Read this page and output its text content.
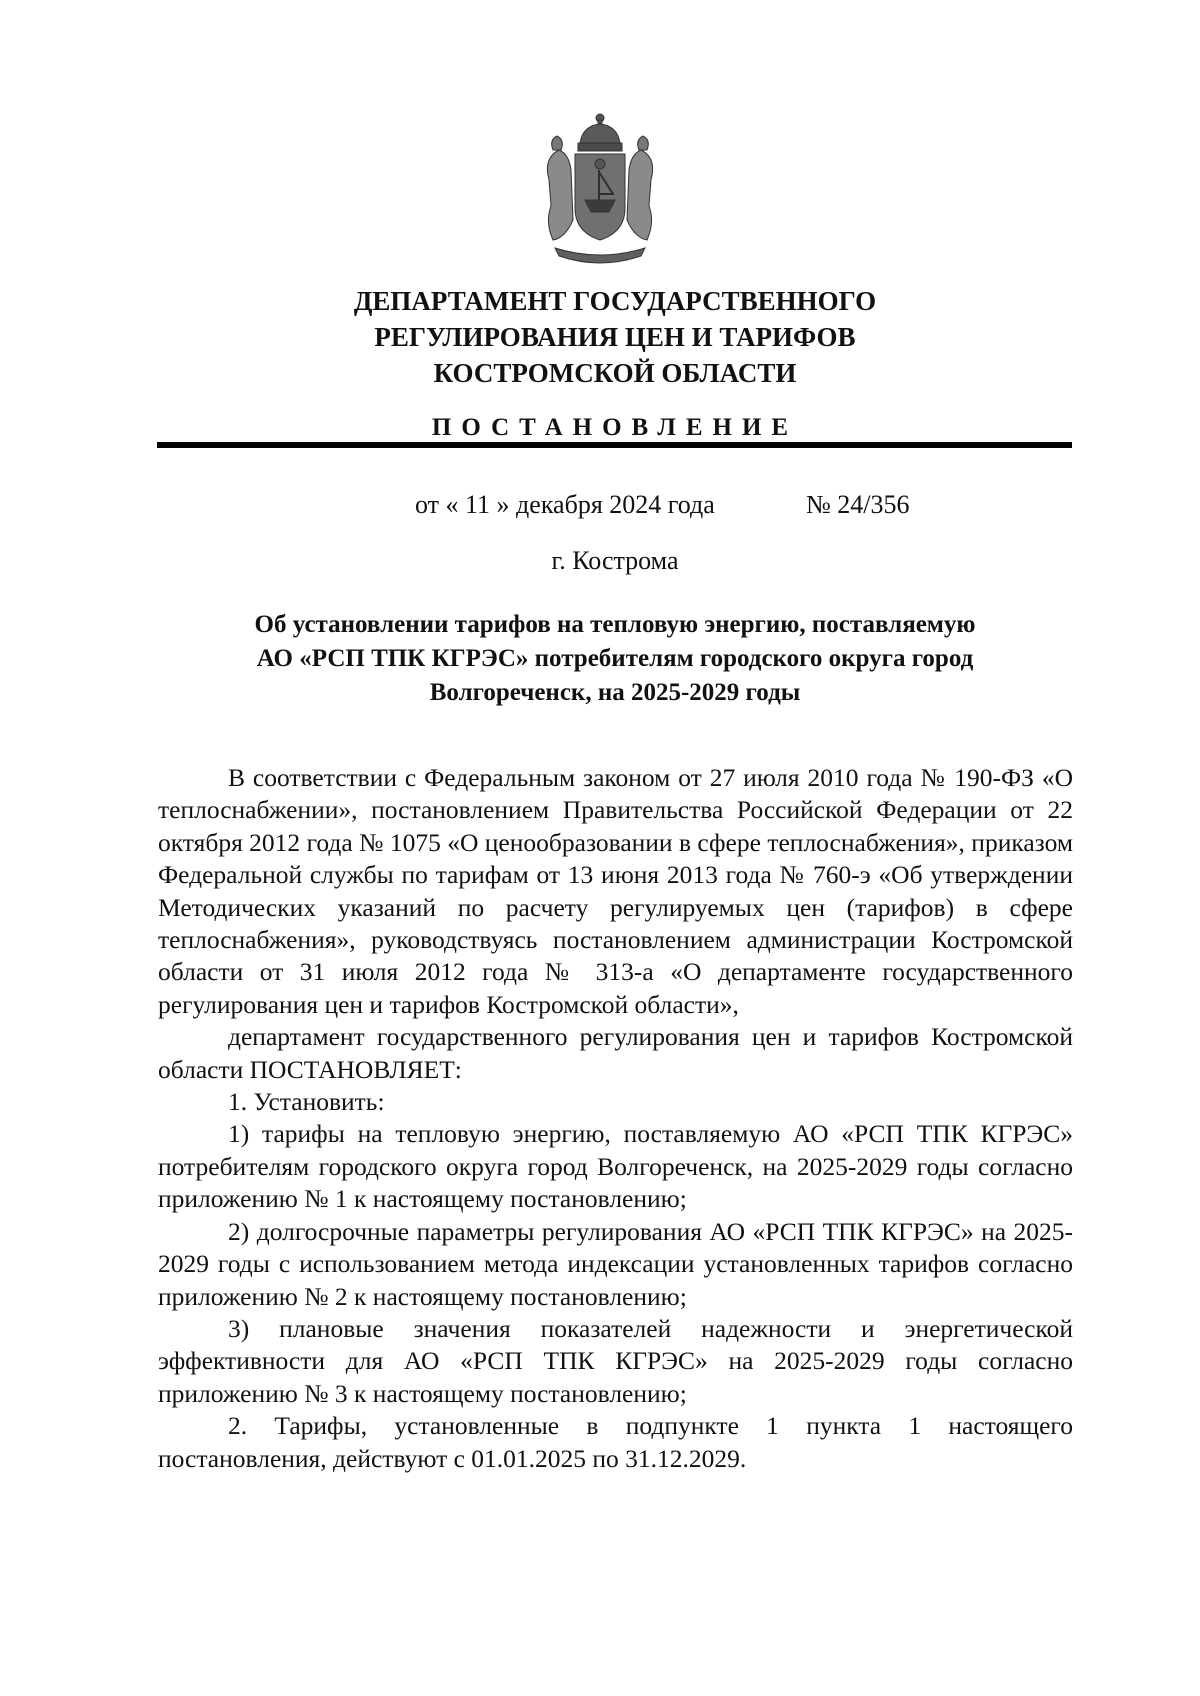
ДЕПАРТАМЕНТ ГОСУДАРСТВЕННОГО
РЕГУЛИРОВАНИЯ ЦЕН И ТАРИФОВ
КОСТРОМСКОЙ ОБЛАСТИ
ПОСТАНОВЛЕНИЕ
от « 11 » декабря 2024 года	№ 24/356
г. Кострома
Об установлении тарифов на тепловую энергию, поставляемую
АО «РСП ТПК КГРЭС» потребителям городского округа город
Волгореченск, на 2025-2029 годы

В соответствии с Федеральным законом от 27 июля 2010 года № 190-ФЗ «О теплоснабжении», постановлением Правительства Российской Федерации от 22 октября 2012 года № 1075 «О ценообразовании в сфере теплоснабжения», приказом Федеральной службы по тарифам от 13 июня 2013 года № 760-э «Об утверждении Методических указаний по расчету регулируемых цен (тарифов) в сфере теплоснабжения», руководствуясь постановлением администрации Костромской области от 31 июля 2012 года № 313-а «О департаменте государственного регулирования цен и тарифов Костромской области»,

департамент государственного регулирования цен и тарифов Костромской области ПОСТАНОВЛЯЕТ:

1. Установить:

1) тарифы на тепловую энергию, поставляемую АО «РСП ТПК КГРЭС» потребителям городского округа город Волгореченск, на 2025-2029 годы согласно приложению № 1 к настоящему постановлению;

2) долгосрочные параметры регулирования АО «РСП ТПК КГРЭС» на 2025-2029 годы с использованием метода индексации установленных тарифов согласно приложению № 2 к настоящему постановлению;

3) плановые значения показателей надежности и энергетической эффективности для АО «РСП ТПК КГРЭС» на 2025-2029 годы согласно приложению № 3 к настоящему постановлению;

2. Тарифы, установленные в подпункте 1 пункта 1 настоящего постановления, действуют с 01.01.2025 по 31.12.2029.
